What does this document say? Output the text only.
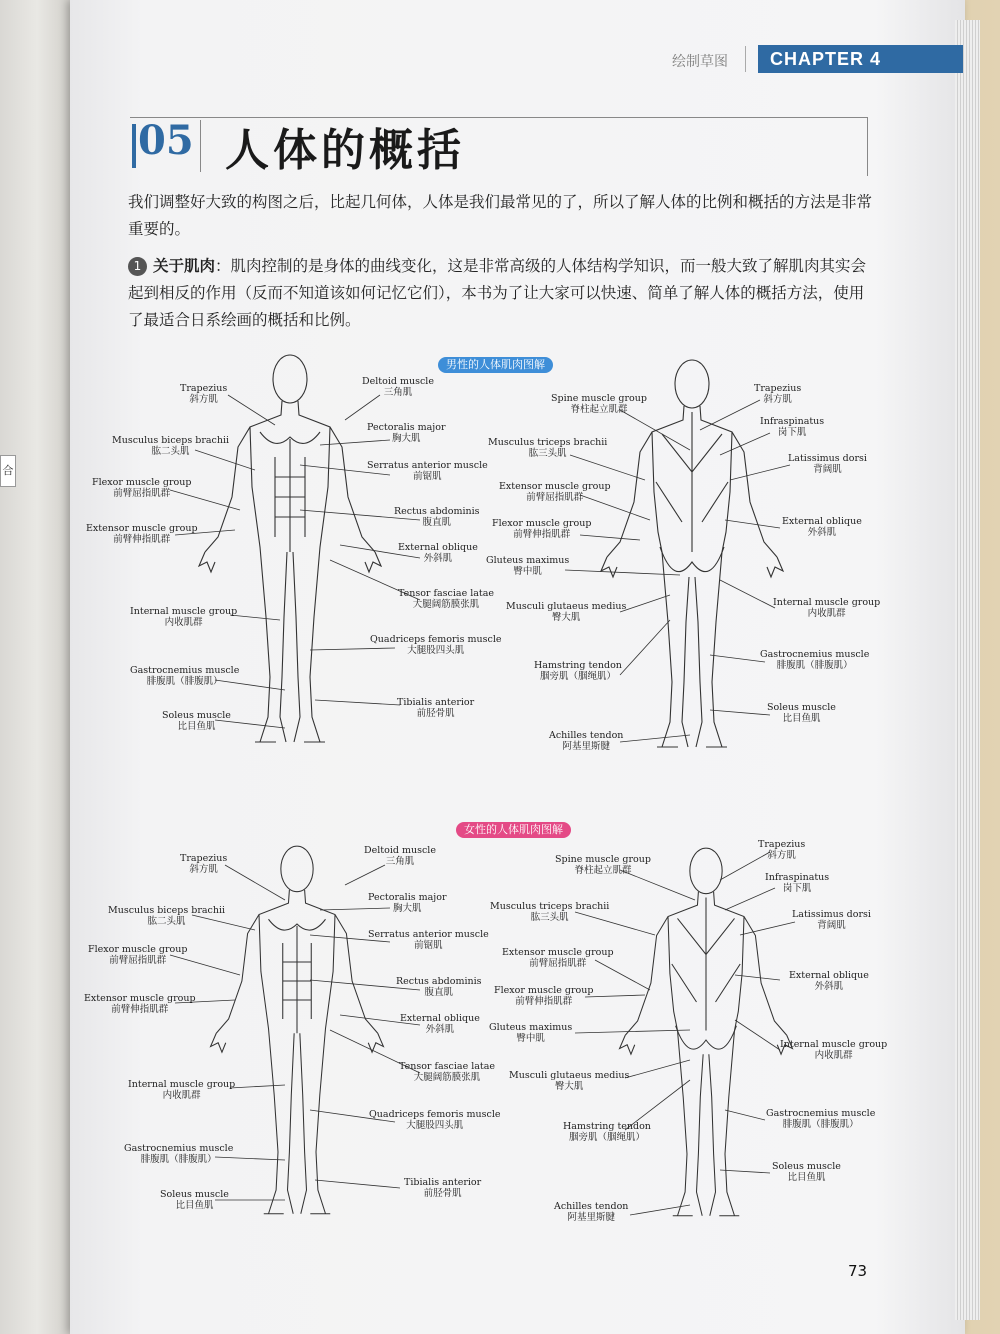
合
绘制草图	CHAPTER 4
05 人体的概括
我们调整好大致的构图之后，比起几何体，人体是我们最常见的了，所以了解人体的比例和概括的方法是非常重要的。
1 关于肌肉：肌肉控制的是身体的曲线变化，这是非常高级的人体结构学知识，而一般大致了解肌肉其实会起到相反的作用（反而不知道该如何记忆它们），本书为了让大家可以快速、简单了解人体的概括方法，使用了最适合日系绘画的概括和比例。
男性的人体肌肉图解
女性的人体肌肉图解
Trapezius
斜方肌
Deltoid muscle
三角肌
Pectoralis major
胸大肌
Musculus biceps brachii
肱二头肌
Serratus anterior muscle
前锯肌
Flexor muscle group
前臂屈指肌群
Rectus abdominis
腹直肌
Extensor muscle group
前臂伸指肌群
External oblique
外斜肌
Tensor fasciae latae
大腿阔筋膜张肌
Internal muscle group
内收肌群
Quadriceps femoris muscle
大腿股四头肌
Gastrocnemius muscle
腓腹肌（腓腹肌）
Tibialis anterior
前胫骨肌
Soleus muscle
比目鱼肌
Spine muscle group
脊柱起立肌群
Trapezius
斜方肌
Infraspinatus
岗下肌
Musculus triceps brachii
肱三头肌	Latissimus dorsi
背阔肌
Extensor muscle group
前臂屈指肌群
Flexor muscle group
前臂伸指肌群
External oblique
外斜肌
Gluteus maximus
臀中肌
Musculi glutaeus medius
臀大肌
Internal muscle group
内收肌群
Hamstring tendon
腘旁肌（腘绳肌）
Gastrocnemius muscle
腓腹肌（腓腹肌）
Soleus muscle
比目鱼肌
Achilles tendon
阿基里斯腱
Trapezius
斜方肌
Deltoid muscle
三角肌
Pectoralis major
胸大肌
Musculus biceps brachii
肱二头肌
Serratus anterior muscle
前锯肌
Flexor muscle group
前臂屈指肌群
Rectus abdominis
腹直肌
Extensor muscle group
前臂伸指肌群
External oblique
外斜肌
Tensor fasciae latae
大腿阔筋膜张肌
Internal muscle group
内收肌群
Quadriceps femoris muscle
大腿股四头肌
Gastrocnemius muscle
腓腹肌（腓腹肌）
Tibialis anterior
前胫骨肌
Soleus muscle
比目鱼肌
Trapezius
斜方肌
Spine muscle group
脊柱起立肌群
Infraspinatus
岗下肌
Musculus triceps brachii
肱三头肌	Latissimus dorsi
背阔肌
Extensor muscle group
前臂屈指肌群
External oblique
外斜肌
Flexor muscle group
前臂伸指肌群
Gluteus maximus
臀中肌
Internal muscle group
内收肌群
Musculi glutaeus medius
臀大肌
Gastrocnemius muscle
腓腹肌（腓腹肌）
Hamstring tendon
腘旁肌（腘绳肌）
Soleus muscle
比目鱼肌
Achilles tendon
阿基里斯腱
73
